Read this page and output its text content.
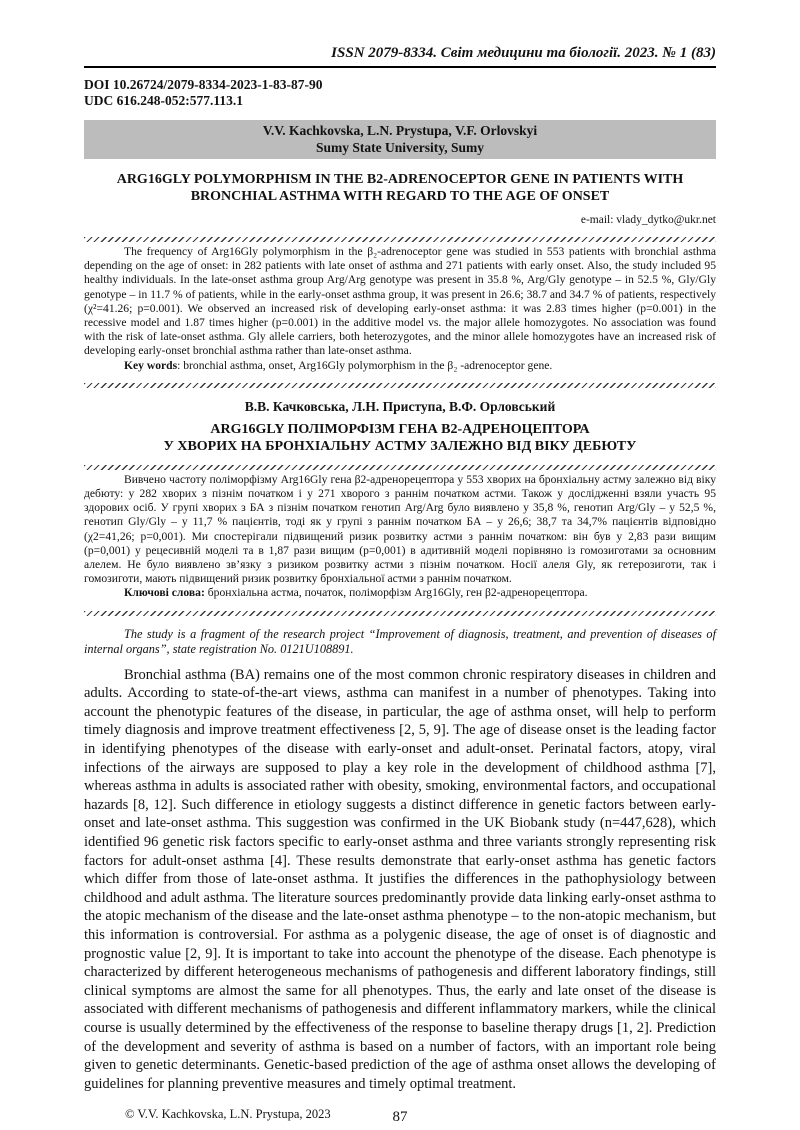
ISSN 2079-8334. Світ медицини та біології. 2023. № 1 (83)
DOI 10.26724/2079-8334-2023-1-83-87-90
UDC 616.248-052:577.113.1
V.V. Kachkovska, L.N. Prystupa, V.F. Orlovskyi
Sumy State University, Sumy
ARG16GLY POLYMORPHISM IN THE B2-ADRENOCEPTOR GENE IN PATIENTS WITH
BRONCHIAL ASTHMA WITH REGARD TO THE AGE OF ONSET
e-mail: vlady_dytko@ukr.net

The frequency of Arg16Gly polymorphism in the β₂-adrenoceptor gene was studied in 553 patients with bronchial asthma depending on the age of onset: in 282 patients with late onset of asthma and 271 patients with early onset. Also, the study included 95 healthy individuals. In the late-onset asthma group Arg/Arg genotype was present in 35.8 %, Arg/Gly genotype – in 52.5 %, Gly/Gly genotype – in 11.7 % of patients, while in the early-onset asthma group, it was present in 26.6; 38.7 and 34.7 % of patients, respectively (χ²=41.26; p=0.001). We observed an increased risk of developing early-onset asthma: it was 2.83 times higher (p=0.001) in the recessive model and 1.87 times higher (p=0.001) in the additive model vs. the major allele homozygotes. No association was found with the risk of late-onset asthma. Gly allele carriers, both heterozygotes, and the minor allele homozygotes have an increased risk of developing early-onset bronchial asthma rather than late-onset asthma.

Key words: bronchial asthma, onset, Arg16Gly polymorphism in the β₂ -adrenoceptor gene.

В.В. Качковська, Л.Н. Приступа, В.Ф. Орловський
ARG16GLY ПОЛІМОРФІЗМ ГЕНА В2-АДРЕНОЦЕПТОРА
У ХВОРИХ НА БРОНХІАЛЬНУ АСТМУ ЗАЛЕЖНО ВІД ВІКУ ДЕБЮТУ

Вивчено частоту поліморфізму Arg16Gly гена β2-адренорецептора у 553 хворих на бронхіальну астму залежно від віку дебюту: у 282 хворих з пізнім початком і у 271 хворого з раннім початком астми. Також у дослідженні взяли участь 95 здорових осіб. У групі хворих з БА з пізнім початком генотип Arg/Arg було виявлено у 35,8 %, генотип Arg/Gly – у 52,5 %, генотип Gly/Gly – у 11,7 % пацієнтів, тоді як у групі з раннім початком БА – у 26,6; 38,7 та 34,7% пацієнтів відповідно (χ2=41,26; p=0,001). Ми спостерігали підвищений ризик розвитку астми з раннім початком: він був у 2,83 рази вищим (р=0,001) у рецесивній моделі та в 1,87 рази вищим (р=0,001) в адитивній моделі порівняно із гомозиготами за основним алелем. Не було виявлено зв’язку з ризиком розвитку астми з пізнім початком. Носії алеля Gly, як гетерозиготи, так і гомозиготи, мають підвищений ризик розвитку бронхіальної астми з раннім початком.

Ключові слова: бронхіальна астма, початок, поліморфізм Arg16Gly, ген β2-адренорецептора.

The study is a fragment of the research project “Improvement of diagnosis, treatment, and prevention of diseases of internal organs”, state registration No. 0121U108891.
Bronchial asthma (BA) remains one of the most common chronic respiratory diseases in children and adults. According to state-of-the-art views, asthma can manifest in a number of phenotypes. Taking into account the phenotypic features of the disease, in particular, the age of asthma onset, will help to perform timely diagnosis and improve treatment effectiveness [2, 5, 9]. The age of disease onset is the leading factor in identifying phenotypes of the disease with early-onset and adult-onset. Perinatal factors, atopy, viral infections of the airways are supposed to play a key role in the development of childhood asthma [7], whereas asthma in adults is associated rather with obesity, smoking, environmental factors, and occupational hazards [8, 12]. Such difference in etiology suggests a distinct difference in genetic factors between early-onset and late-onset asthma. This suggestion was confirmed in the UK Biobank study (n=447,628), which identified 96 genetic risk factors specific to early-onset asthma and three variants strongly representing risk factors for adult-onset asthma [4]. These results demonstrate that early-onset asthma has genetic factors which differ from those of late-onset asthma. It justifies the differences in the pathophysiology between childhood and adult asthma. The literature sources predominantly provide data linking early-onset asthma to the atopic mechanism of the disease and the late-onset asthma phenotype – to the non-atopic mechanism, but this information is controversial. For asthma as a polygenic disease, the age of onset is of diagnostic and prognostic value [2, 9]. It is important to take into account the phenotype of the disease. Each phenotype is characterized by different heterogeneous mechanisms of pathogenesis and different laboratory findings, still clinical symptoms are almost the same for all phenotypes. Thus, the early and late onset of the disease is associated with different mechanisms of pathogenesis and different inflammatory markers, while the clinical course is usually determined by the effectiveness of the response to baseline therapy drugs [1, 2]. Prediction of the development and severity of asthma is based on a number of factors, with an important role being given to genetic determinants. Genetic-based prediction of the age of asthma onset allows the developing of guidelines for planning preventive measures and timely optimal treatment.
© V.V. Kachkovska, L.N. Prystupa, 2023	87
